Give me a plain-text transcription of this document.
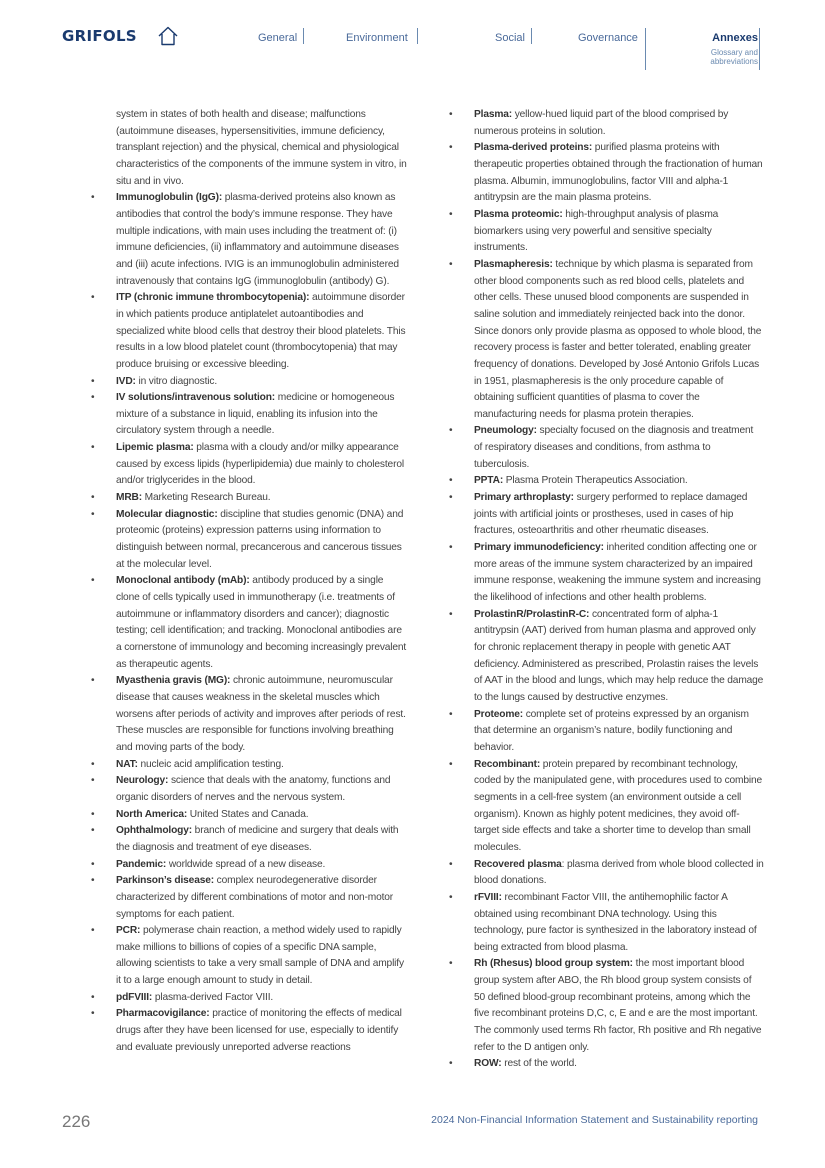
GRIFOLS	General	Environment	Social	Governance	Annexes
Glossary and
abbreviations
system in states of both health and disease; malfunctions (autoimmune diseases, hypersensitivities, immune deficiency, transplant rejection) and the physical, chemical and physiological characteristics of the components of the immune system in vitro, in situ and in vivo.
• Immunoglobulin (IgG): plasma-derived proteins also known as antibodies that control the body’s immune response. They have multiple indications, with main uses including the treatment of: (i) immune deficiencies, (ii) inflammatory and autoimmune diseases and (iii) acute infections. IVIG is an immunoglobulin administered intravenously that contains IgG (immunoglobulin (antibody) G).
• ITP (chronic immune thrombocytopenia): autoimmune disorder in which patients produce antiplatelet autoantibodies and specialized white blood cells that destroy their blood platelets. This results in a low blood platelet count (thrombocytopenia) that may produce bruising or excessive bleeding.
• IVD: in vitro diagnostic.
• IV solutions/intravenous solution: medicine or homogeneous mixture of a substance in liquid, enabling its infusion into the circulatory system through a needle.
• Lipemic plasma: plasma with a cloudy and/or milky appearance caused by excess lipids (hyperlipidemia) due mainly to cholesterol and/or triglycerides in the blood.
• MRB: Marketing Research Bureau.
• Molecular diagnostic: discipline that studies genomic (DNA) and proteomic (proteins) expression patterns using information to distinguish between normal, precancerous and cancerous tissues at the molecular level.
• Monoclonal antibody (mAb): antibody produced by a single clone of cells typically used in immunotherapy (i.e. treatments of autoimmune or inflammatory disorders and cancer); diagnostic testing; cell identification; and tracking. Monoclonal antibodies are a cornerstone of immunology and becoming increasingly prevalent as therapeutic agents.
• Myasthenia gravis (MG): chronic autoimmune, neuromuscular disease that causes weakness in the skeletal muscles which worsens after periods of activity and improves after periods of rest. These muscles are responsible for functions involving breathing and moving parts of the body.
• NAT: nucleic acid amplification testing.
• Neurology: science that deals with the anatomy, functions and organic disorders of nerves and the nervous system.
• North America: United States and Canada.
• Ophthalmology: branch of medicine and surgery that deals with the diagnosis and treatment of eye diseases.
• Pandemic: worldwide spread of a new disease.
• Parkinson’s disease: complex neurodegenerative disorder characterized by different combinations of motor and non-motor symptoms for each patient.
• PCR: polymerase chain reaction, a method widely used to rapidly make millions to billions of copies of a specific DNA sample, allowing scientists to take a very small sample of DNA and amplify it to a large enough amount to study in detail.
• pdFVIII: plasma-derived Factor VIII.
• Pharmacovigilance: practice of monitoring the effects of medical drugs after they have been licensed for use, especially to identify and evaluate previously unreported adverse reactions
• Plasma: yellow-hued liquid part of the blood comprised by numerous proteins in solution.
• Plasma-derived proteins: purified plasma proteins with therapeutic properties obtained through the fractionation of human plasma. Albumin, immunoglobulins, factor VIII and alpha-1 antitrypsin are the main plasma proteins.
• Plasma proteomic: high-throughput analysis of plasma biomarkers using very powerful and sensitive specialty instruments.
• Plasmapheresis: technique by which plasma is separated from other blood components such as red blood cells, platelets and other cells. These unused blood components are suspended in saline solution and immediately reinjected back into the donor. Since donors only provide plasma as opposed to whole blood, the recovery process is faster and better tolerated, enabling greater frequency of donations. Developed by José Antonio Grifols Lucas in 1951, plasmapheresis is the only procedure capable of obtaining sufficient quantities of plasma to cover the manufacturing needs for plasma protein therapies.
• Pneumology: specialty focused on the diagnosis and treatment of respiratory diseases and conditions, from asthma to tuberculosis.
• PPTA: Plasma Protein Therapeutics Association.
• Primary arthroplasty: surgery performed to replace damaged joints with artificial joints or prostheses, used in cases of hip fractures, osteoarthritis and other rheumatic diseases.
• Primary immunodeficiency: inherited condition affecting one or more areas of the immune system characterized by an impaired immune response, weakening the immune system and increasing the likelihood of infections and other health problems.
• ProlastinR/ProlastinR-C: concentrated form of alpha-1 antitrypsin (AAT) derived from human plasma and approved only for chronic replacement therapy in people with genetic AAT deficiency. Administered as prescribed, Prolastin raises the levels of AAT in the blood and lungs, which may help reduce the damage to the lungs caused by destructive enzymes.
• Proteome: complete set of proteins expressed by an organism that determine an organism’s nature, bodily functioning and behavior.
• Recombinant: protein prepared by recombinant technology, coded by the manipulated gene, with procedures used to combine segments in a cell-free system (an environment outside a cell organism). Known as highly potent medicines, they avoid off-target side effects and take a shorter time to develop than small molecules.
• Recovered plasma: plasma derived from whole blood collected in blood donations.
• rFVIII: recombinant Factor VIII, the antihemophilic factor A obtained using recombinant DNA technology. Using this technology, pure factor is synthesized in the laboratory instead of being extracted from blood plasma.
• Rh (Rhesus) blood group system: the most important blood group system after ABO, the Rh blood group system consists of 50 defined blood-group recombinant proteins, among which the five recombinant proteins D,C, c, E and e are the most important. The commonly used terms Rh factor, Rh positive and Rh negative refer to the D antigen only.
• ROW: rest of the world.
226	2024 Non-Financial Information Statement and Sustainability reporting
